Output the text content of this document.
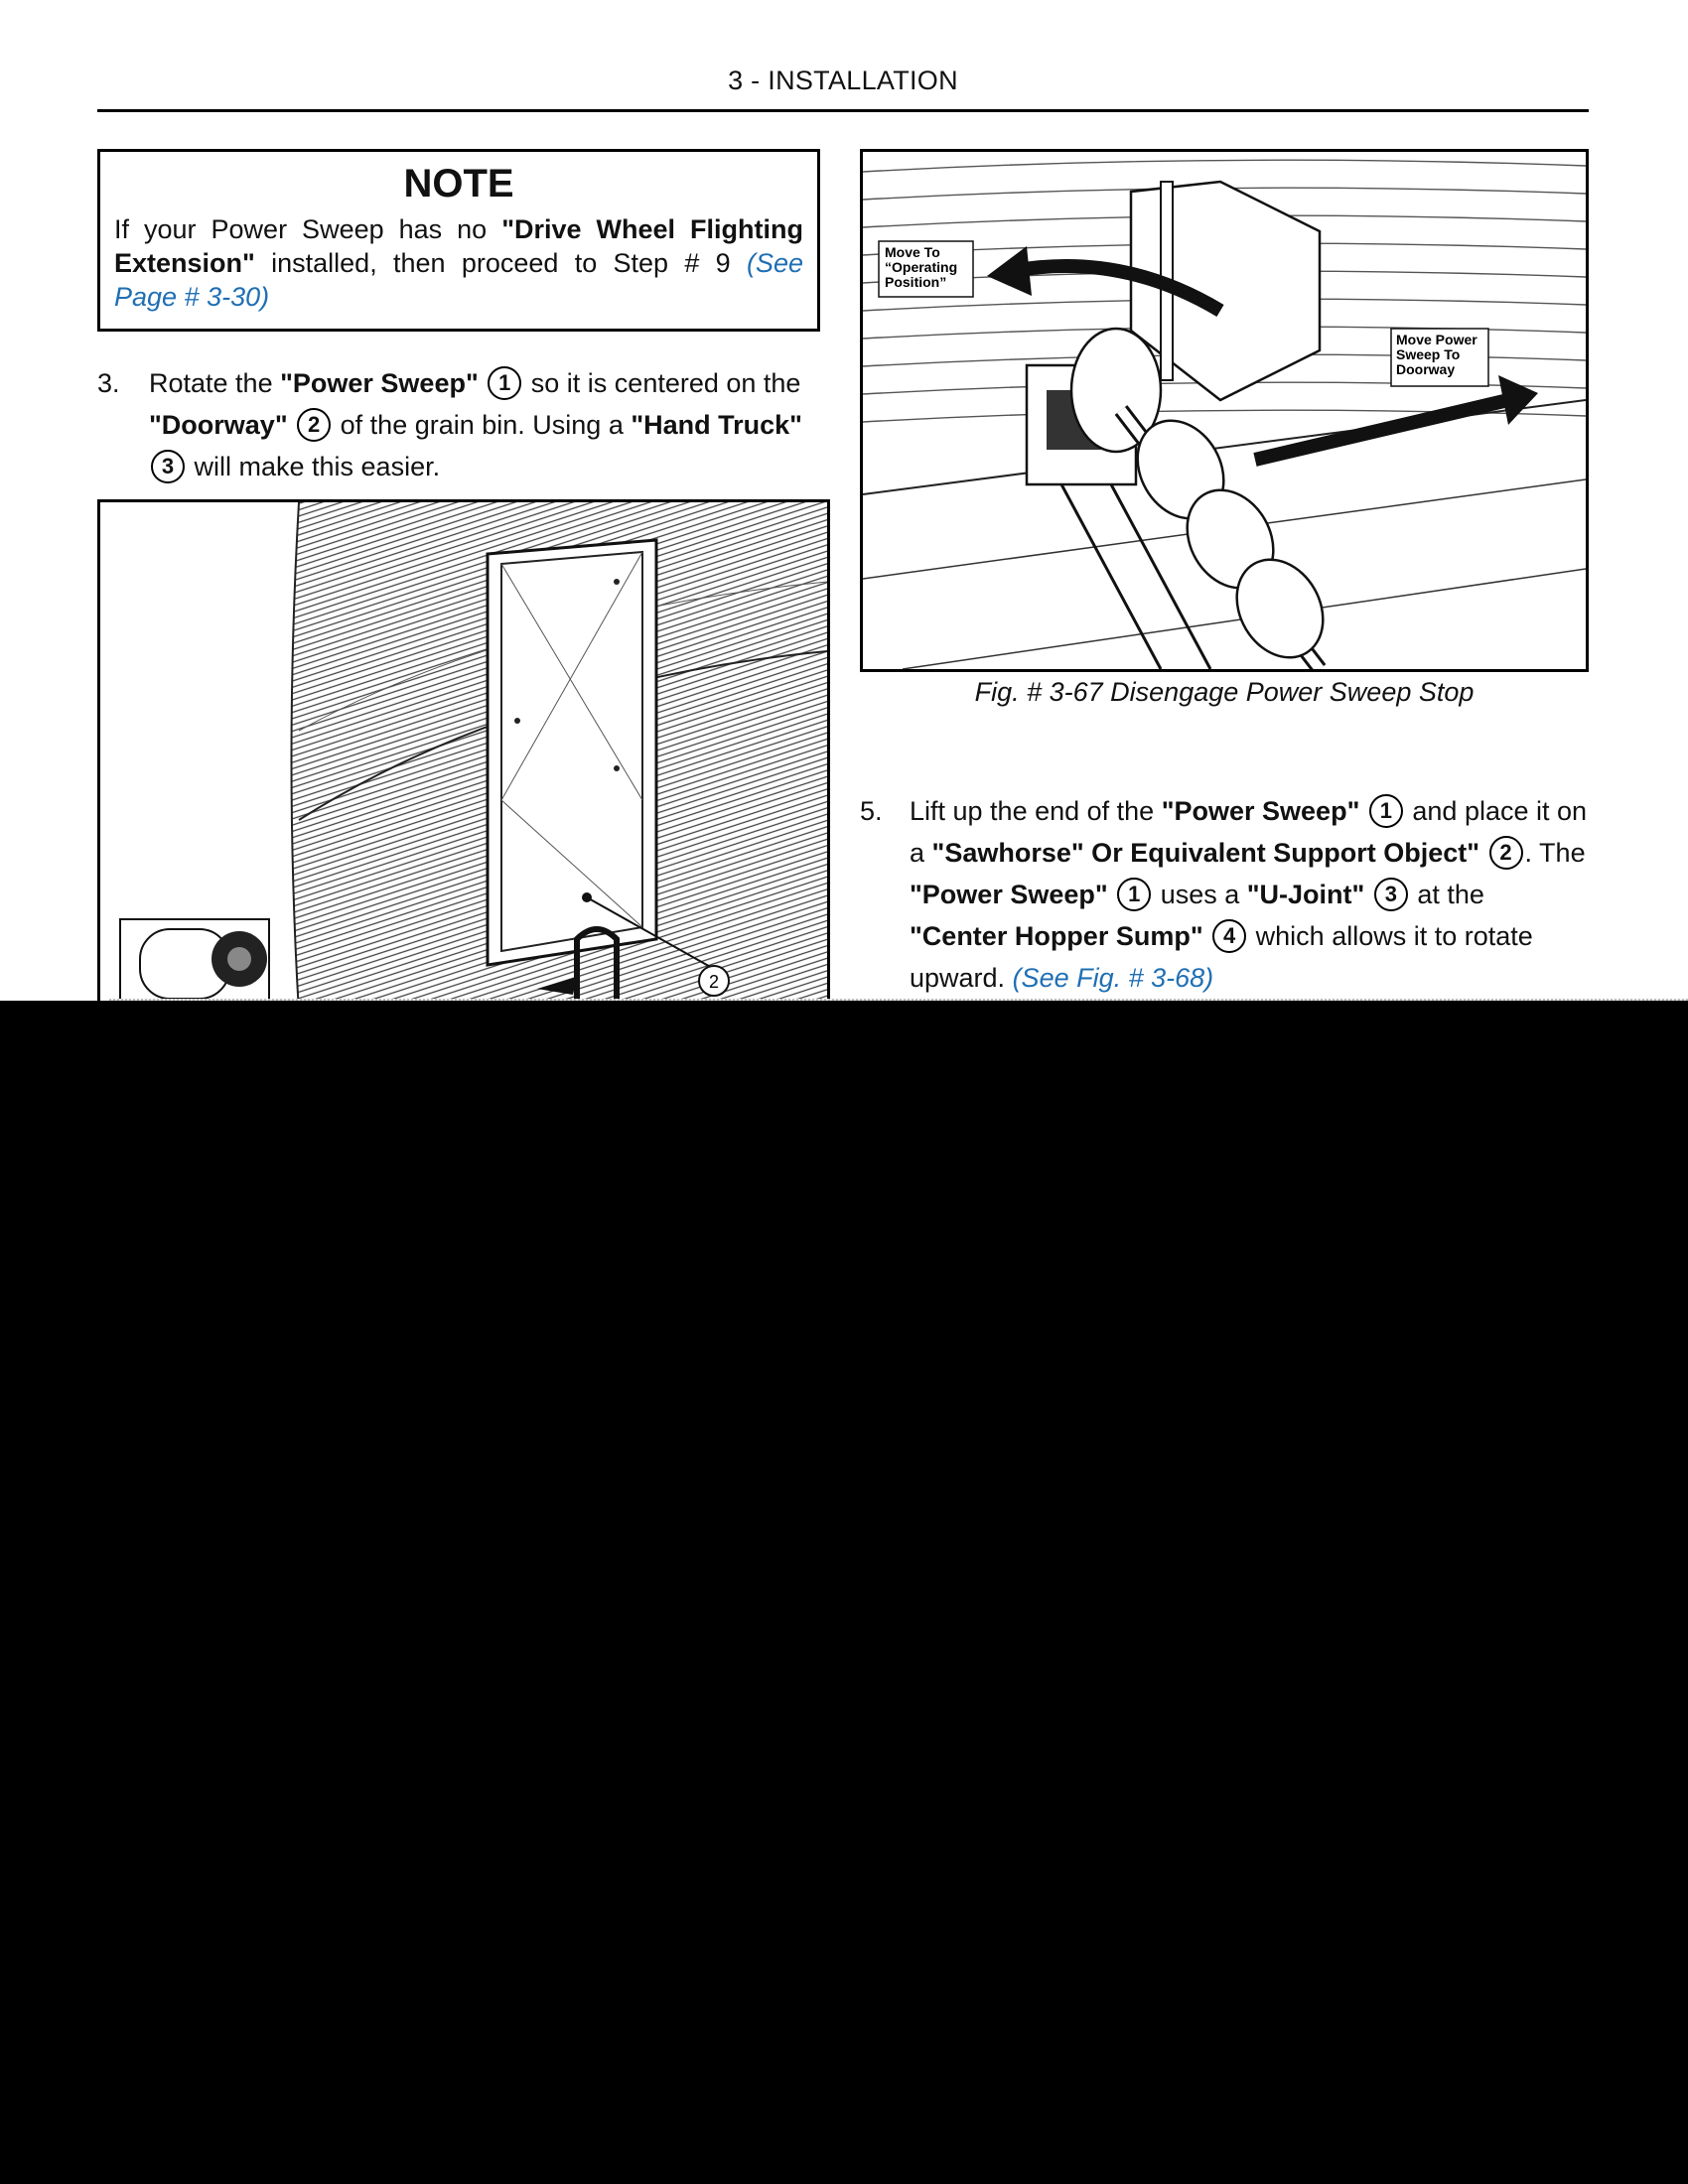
3 - INSTALLATION
NOTE
If your Power Sweep has no "Drive Wheel Flighting Extension" installed, then proceed to Step # 9 (See Page # 3-30)
3. Rotate the "Power Sweep" 1 so it is centered on the "Doorway" 2 of the grain bin. Using a "Hand Truck"
3 will make this easier.
2
Move To
“Operating
Position”
Move Power
Sweep To
Doorway
Fig. # 3-67 Disengage Power Sweep Stop
5. Lift up the end of the "Power Sweep" 1 and place it on a "Sawhorse" Or Equivalent Support Object" 2 . The "Power Sweep" 1 uses a "U-Joint" 3 at the "Center Hopper Sump" 4 which allows it to rotate upward. (See Fig. # 3-68)
